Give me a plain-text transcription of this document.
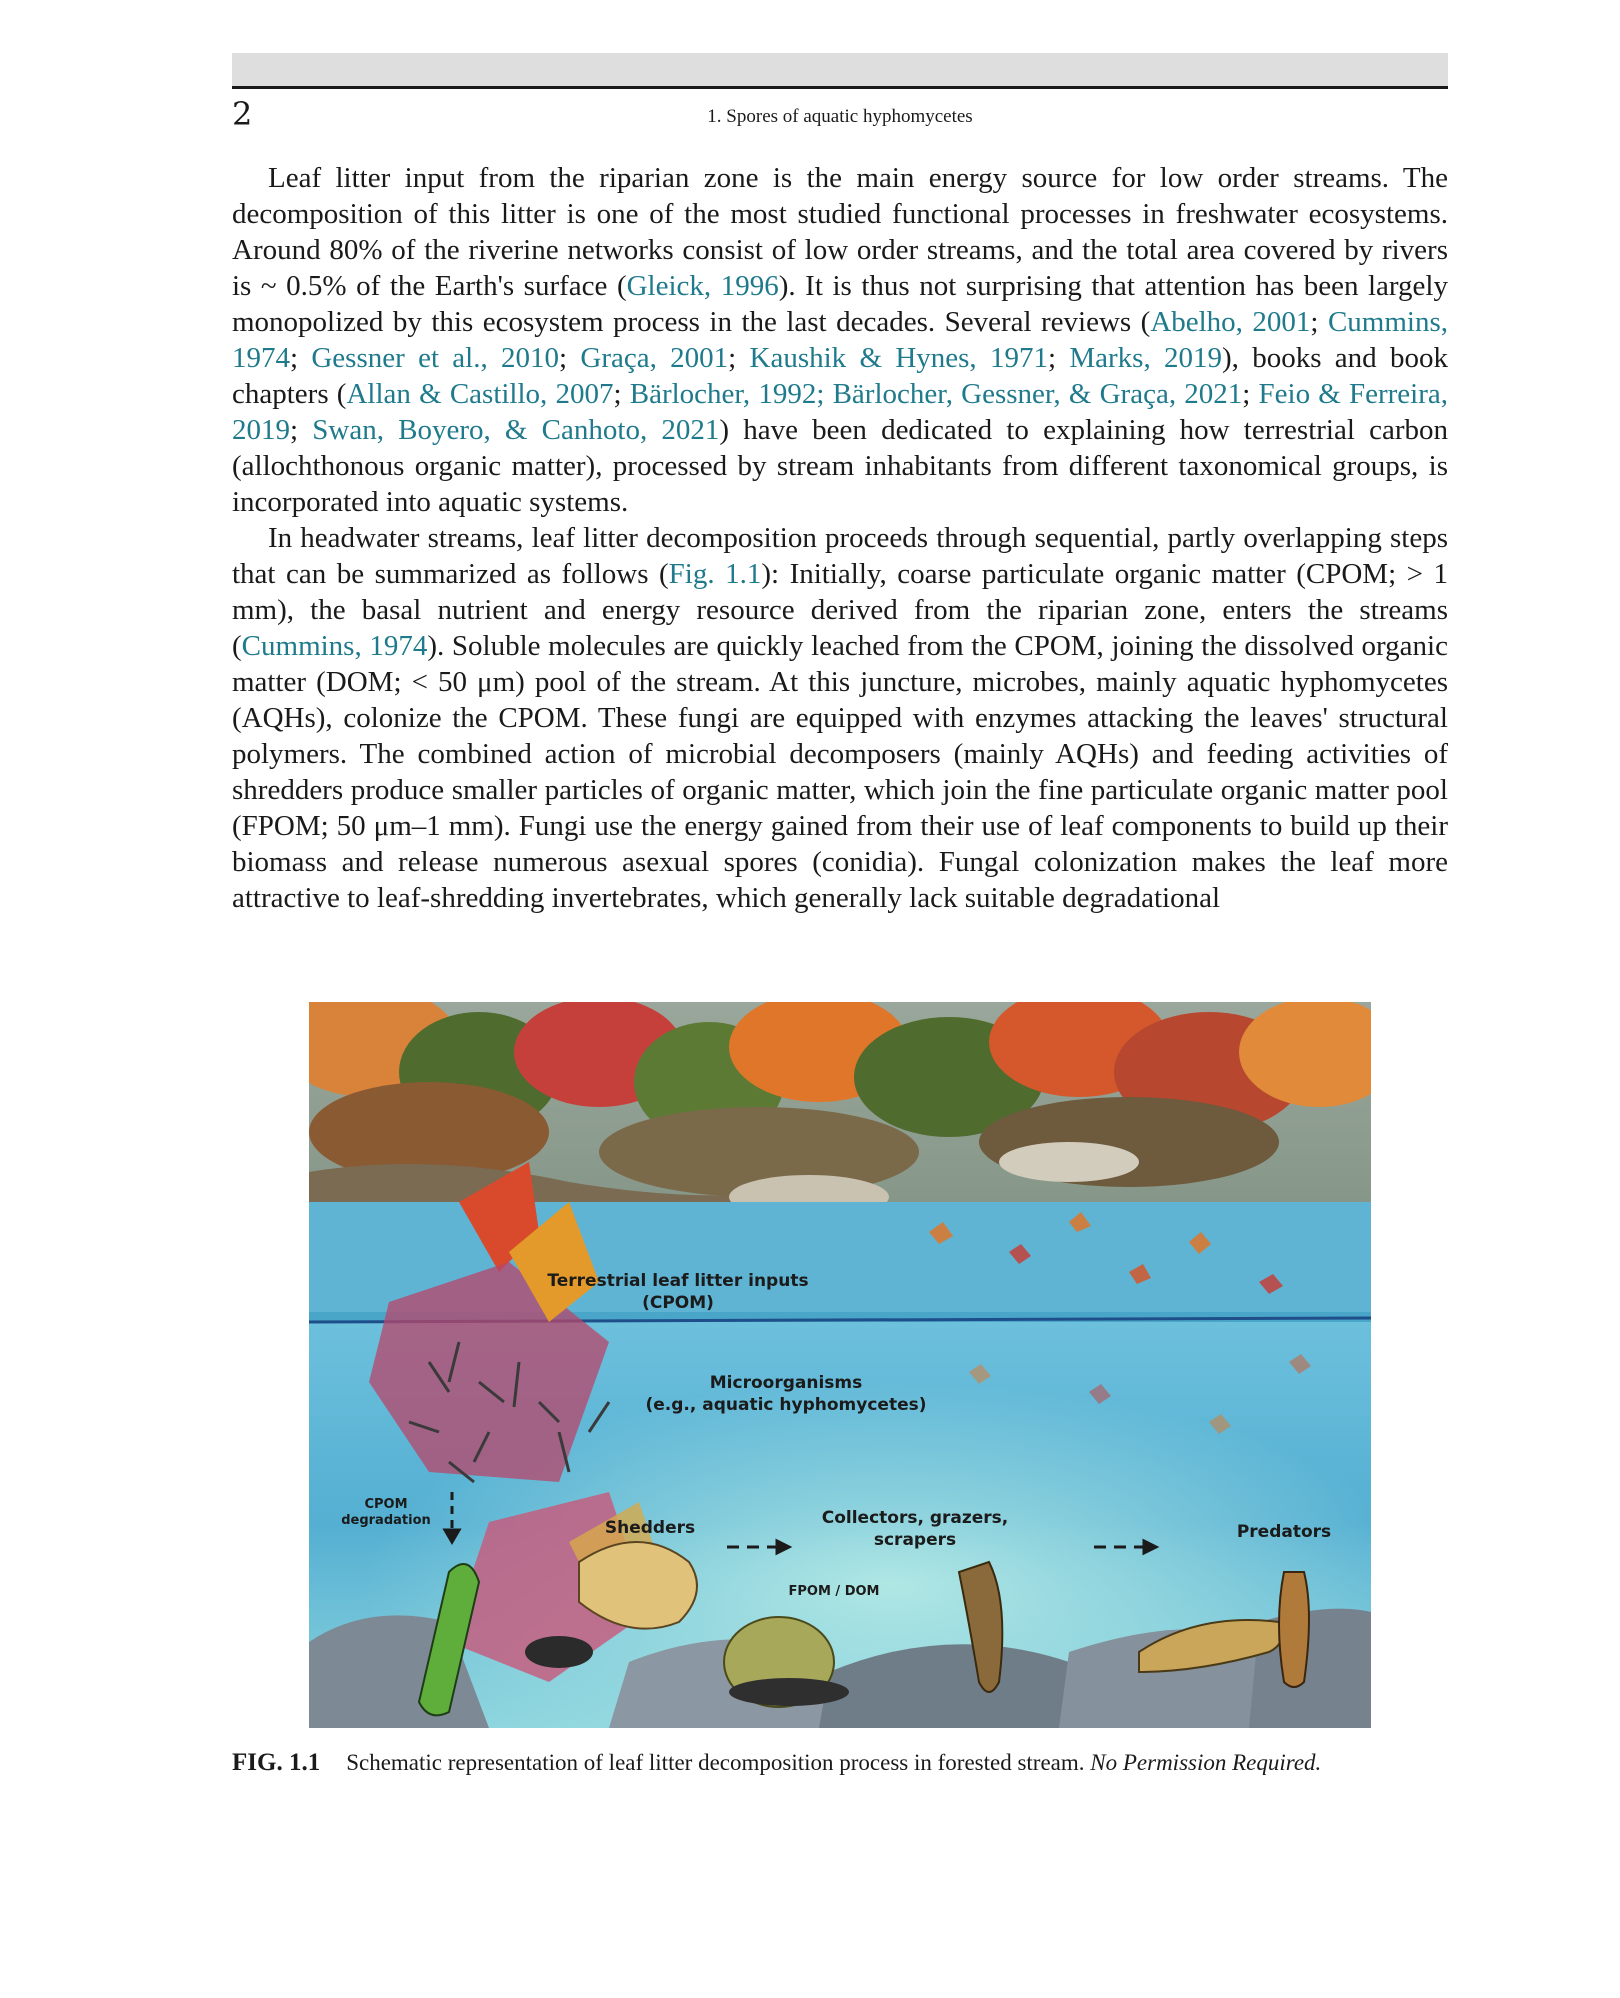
2	1. Spores of aquatic hyphomycetes

Leaf litter input from the riparian zone is the main energy source for low order streams. The decomposition of this litter is one of the most studied functional processes in freshwater ecosystems. Around 80% of the riverine networks consist of low order streams, and the total area covered by rivers is ~ 0.5% of the Earth's surface (Gleick, 1996). It is thus not surprising that attention has been largely monopolized by this ecosystem process in the last decades. Several reviews (Abelho, 2001; Cummins, 1974; Gessner et al., 2010; Graça, 2001; Kaushik & Hynes, 1971; Marks, 2019), books and book chapters (Allan & Castillo, 2007; Bärlocher, 1992; Bärlocher, Gessner, & Graça, 2021; Feio & Ferreira, 2019; Swan, Boyero, & Canhoto, 2021) have been dedicated to explaining how terrestrial carbon (allochthonous organic matter), processed by stream inhabitants from different taxonomical groups, is incorporated into aquatic systems.

In headwater streams, leaf litter decomposition proceeds through sequential, partly overlapping steps that can be summarized as follows (Fig. 1.1): Initially, coarse particulate organic matter (CPOM; > 1 mm), the basal nutrient and energy resource derived from the riparian zone, enters the streams (Cummins, 1974). Soluble molecules are quickly leached from the CPOM, joining the dissolved organic matter (DOM; < 50 μm) pool of the stream. At this juncture, microbes, mainly aquatic hyphomycetes (AQHs), colonize the CPOM. These fungi are equipped with enzymes attacking the leaves' structural polymers. The combined action of microbial decomposers (mainly AQHs) and feeding activities of shredders produce smaller particles of organic matter, which join the fine particulate organic matter pool (FPOM; 50 μm–1 mm). Fungi use the energy gained from their use of leaf components to build up their biomass and release numerous asexual spores (conidia). Fungal colonization makes the leaf more attractive to leaf-shredding invertebrates, which generally lack suitable degradational

Terrestrial leaf litter inputs
(CPOM)
Microorganisms
(e.g., aquatic hyphomycetes)
CPOM
degradation	Shedders	Collectors, grazers,
scrapers	Predators
FPOM / DOM
FIG. 1.1 Schematic representation of leaf litter decomposition process in forested stream. No Permission Required.
